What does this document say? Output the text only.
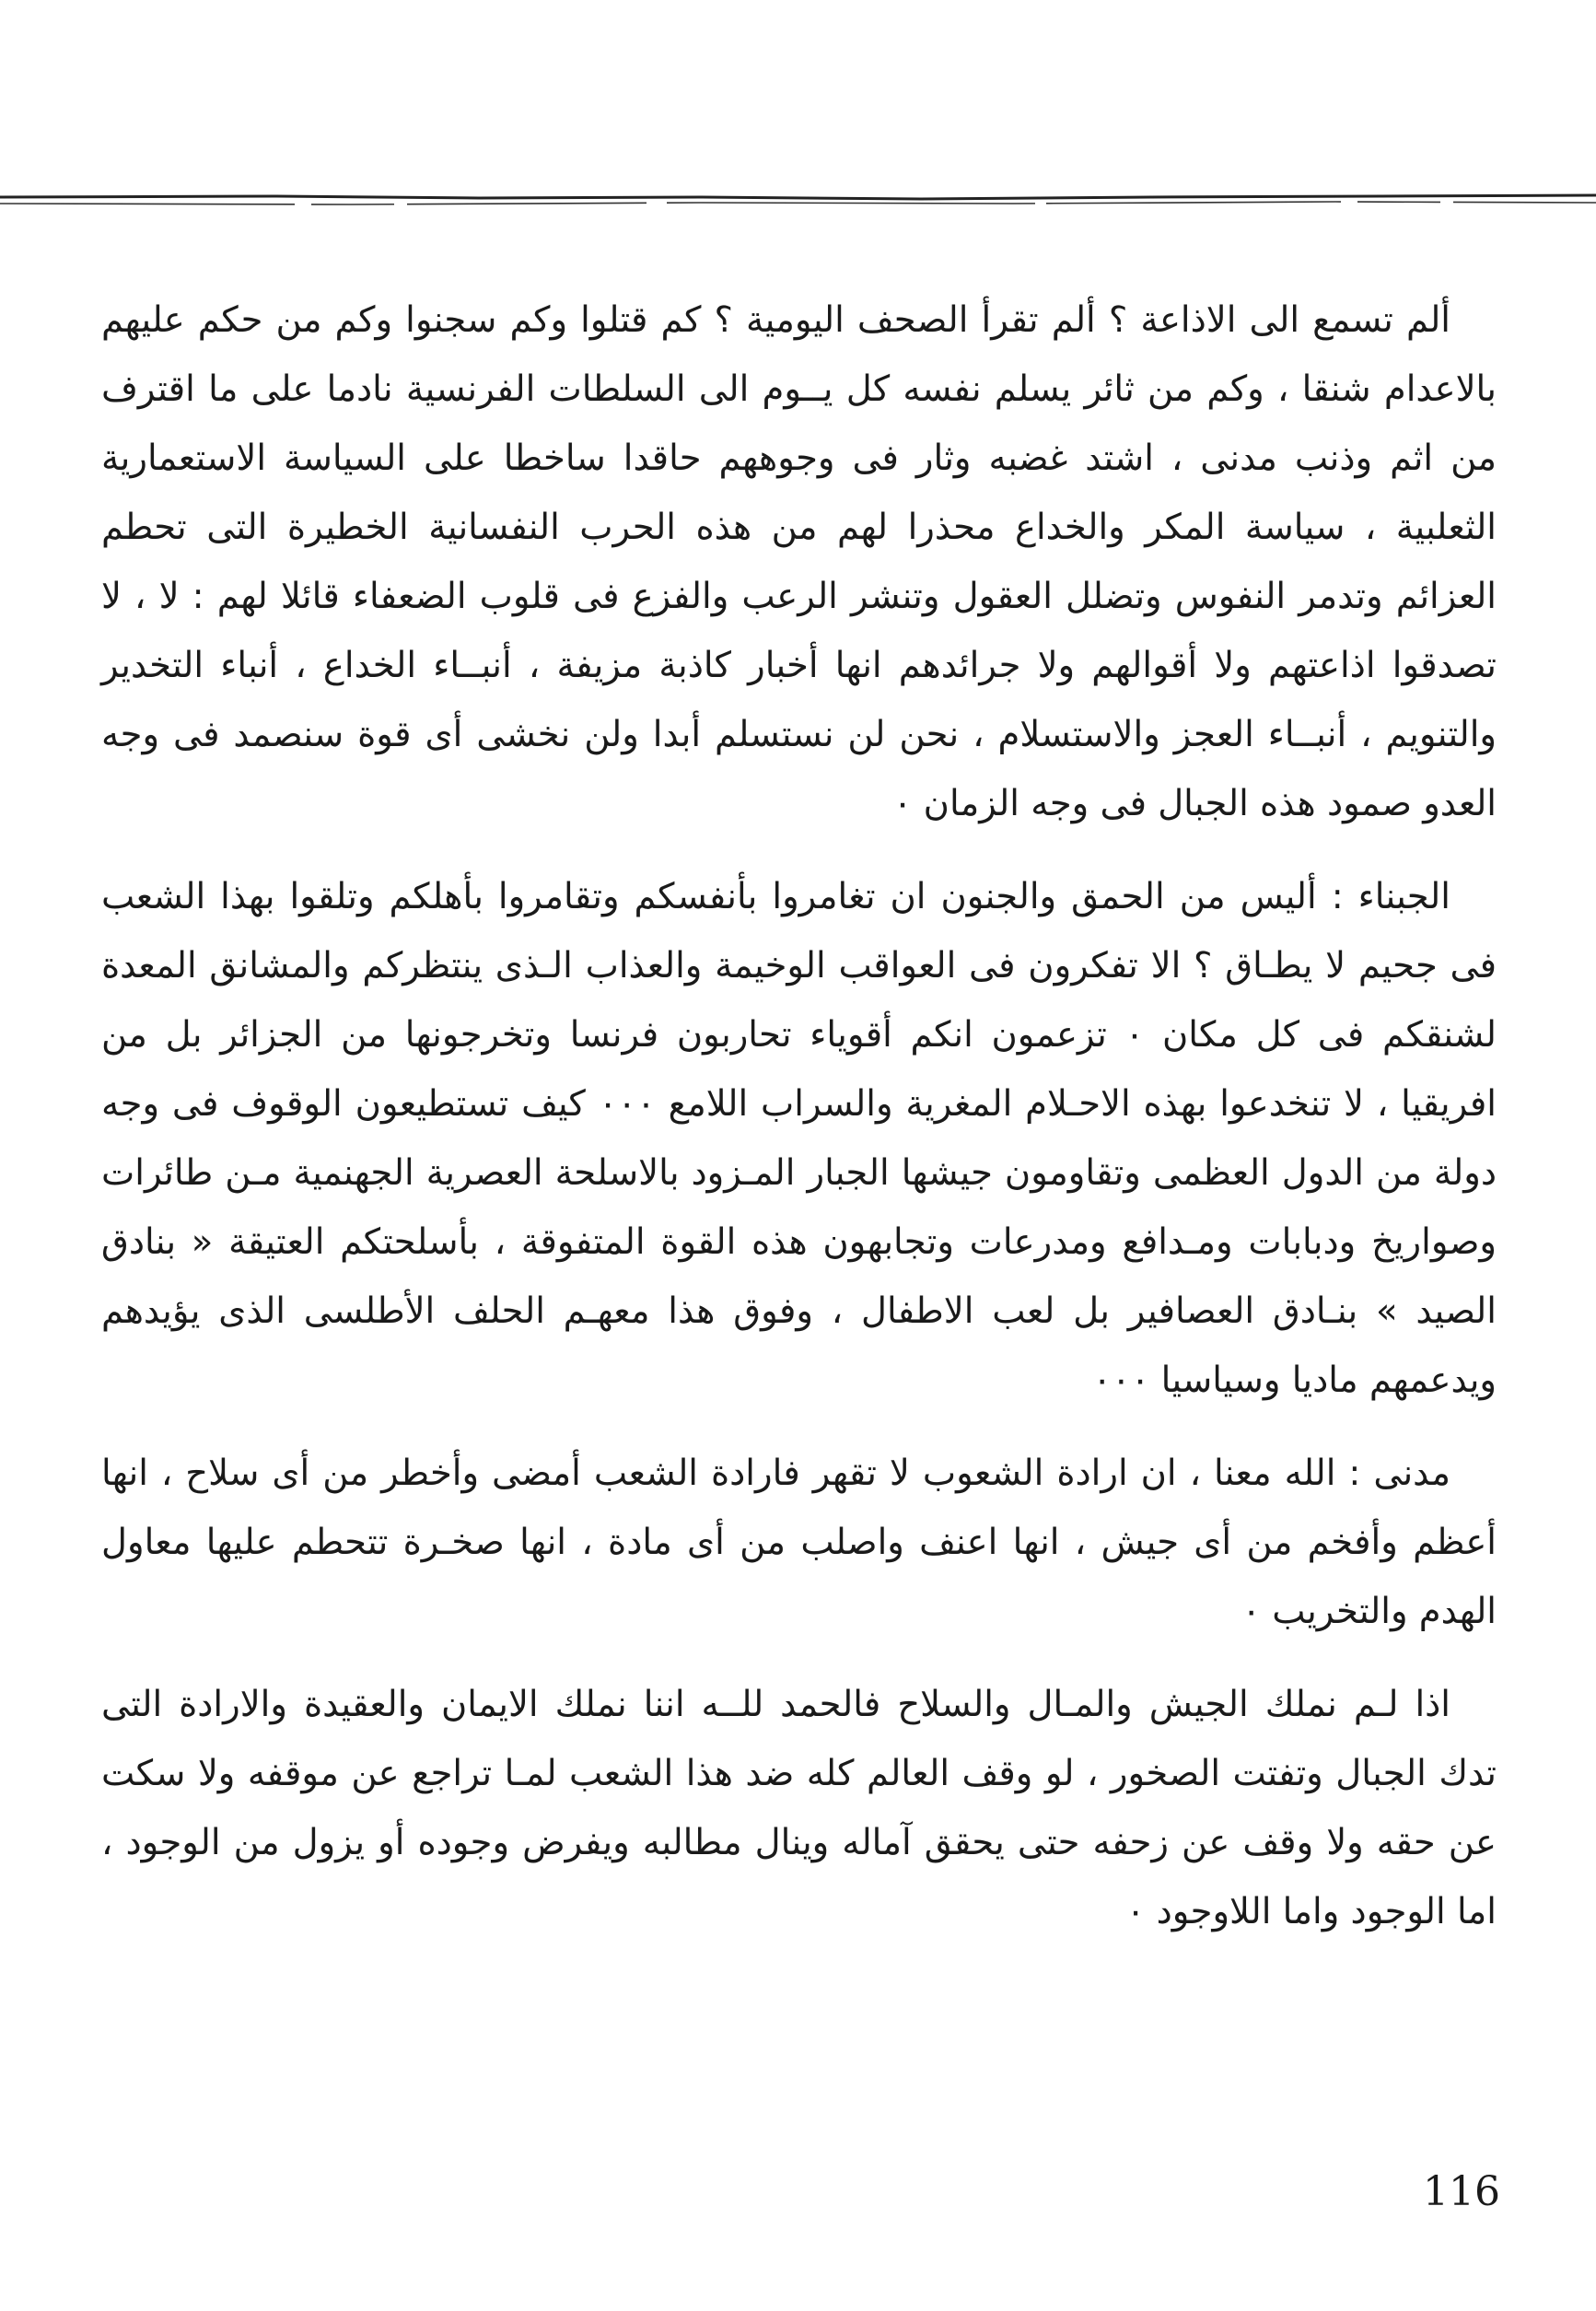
ألم تسمع الى الاذاعة ؟ ألم تقرأ الصحف اليومية ؟ كم قتلوا وكم سجنوا وكم من حكم عليهم بالاعدام شنقا ، وكم من ثائر يسلم نفسه كل يــوم الى السلطات الفرنسية نادما على ما اقترف من اثم وذنب مدنى ، اشتد غضبه وثار فى وجوههم حاقدا ساخطا على السياسة الاستعمارية الثعلبية ، سياسة المكر والخداع محذرا لهم من هذه الحرب النفسانية الخطيرة التى تحطم العزائم وتدمر النفوس وتضلل العقول وتنشر الرعب والفزع فى قلوب الضعفاء قائلا لهم : لا ، لا تصدقوا اذاعتهم ولا أقوالهم ولا جرائدهم انها أخبار كاذبة مزيفة ، أنبــاء الخداع ، أنباء التخدير والتنويم ، أنبــاء العجز والاستسلام ، نحن لن نستسلم أبدا ولن نخشى أى قوة سنصمد فى وجه العدو صمود هذه الجبال فى وجه الزمان ٠

الجبناء : أليس من الحمق والجنون ان تغامروا بأنفسكم وتقامروا بأهلكم وتلقوا بهذا الشعب فى جحيم لا يطـاق ؟ الا تفكرون فى العواقب الوخيمة والعذاب الـذى ينتظركم والمشانق المعدة لشنقكم فى كل مكان ٠ تزعمون انكم أقوياء تحاربون فرنسا وتخرجونها من الجزائر بل من افريقيا ، لا تنخدعوا بهذه الاحـلام المغرية والسراب اللامع ٠٠٠ كيف تستطيعون الوقوف فى وجه دولة من الدول العظمى وتقاومون جيشها الجبار المـزود بالاسلحة العصرية الجهنمية مـن طائرات وصواريخ ودبابات ومـدافع ومدرعات وتجابهون هذه القوة المتفوقة ، بأسلحتكم العتيقة « بنادق الصيد » بنـادق العصافير بل لعب الاطفال ، وفوق هذا معهـم الحلف الأطلسى الذى يؤيدهم ويدعمهم ماديا وسياسيا ٠٠٠

مدنى : الله معنا ، ان ارادة الشعوب لا تقهر فارادة الشعب أمضى وأخطر من أى سلاح ، انها أعظم وأفخم من أى جيش ، انها اعنف واصلب من أى مادة ، انها صخـرة تتحطم عليها معاول الهدم والتخريب ٠

اذا لـم نملك الجيش والمـال والسلاح فالحمد للــه اننا نملك الايمان والعقيدة والارادة التى تدك الجبال وتفتت الصخور ، لو وقف العالم كله ضد هذا الشعب لمـا تراجع عن موقفه ولا سكت عن حقه ولا وقف عن زحفه حتى يحقق آماله وينال مطالبه ويفرض وجوده أو يزول من الوجود ، اما الوجود واما اللاوجود ٠

116
